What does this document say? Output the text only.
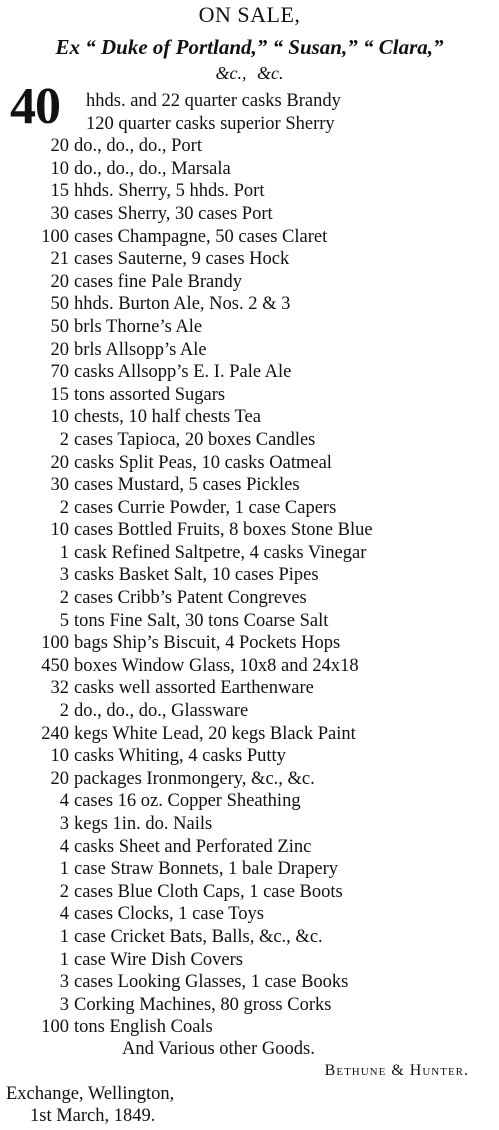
ON SALE,
Ex “ Duke of Portland,” “ Susan,” “ Clara,”
&c., &c.
40 hhds. and 22 quarter casks Brandy
120 quarter casks superior Sherry
20 do., do., do., Port
10 do., do., do., Marsala
15 hhds. Sherry, 5 hhds. Port
30 cases Sherry, 30 cases Port
100 cases Champagne, 50 cases Claret
21 cases Sauterne, 9 cases Hock
20 cases fine Pale Brandy
50 hhds. Burton Ale, Nos. 2 & 3
50 brls Thorne’s Ale
20 brls Allsopp’s Ale
70 casks Allsopp’s E. I. Pale Ale
15 tons assorted Sugars
10 chests, 10 half chests Tea
2 cases Tapioca, 20 boxes Candles
20 casks Split Peas, 10 casks Oatmeal
30 cases Mustard, 5 cases Pickles
2 cases Currie Powder, 1 case Capers
10 cases Bottled Fruits, 8 boxes Stone Blue
1 cask Refined Saltpetre, 4 casks Vinegar
3 casks Basket Salt, 10 cases Pipes
2 cases Cribb’s Patent Congreves
5 tons Fine Salt, 30 tons Coarse Salt
100 bags Ship’s Biscuit, 4 Pockets Hops
450 boxes Window Glass, 10x8 and 24x18
32 casks well assorted Earthenware
2 do., do., do., Glassware
240 kegs White Lead, 20 kegs Black Paint
10 casks Whiting, 4 casks Putty
20 packages Ironmongery, &c., &c.
4 cases 16 oz. Copper Sheathing
3 kegs 1in. do. Nails
4 casks Sheet and Perforated Zinc
1 case Straw Bonnets, 1 bale Drapery
2 cases Blue Cloth Caps, 1 case Boots
4 cases Clocks, 1 case Toys
1 case Cricket Bats, Balls, &c., &c.
1 case Wire Dish Covers
3 cases Looking Glasses, 1 case Books
3 Corking Machines, 80 gross Corks
100 tons English Coals
And Various other Goods.
Bethune & Hunter.
Exchange, Wellington,
1st March, 1849.
